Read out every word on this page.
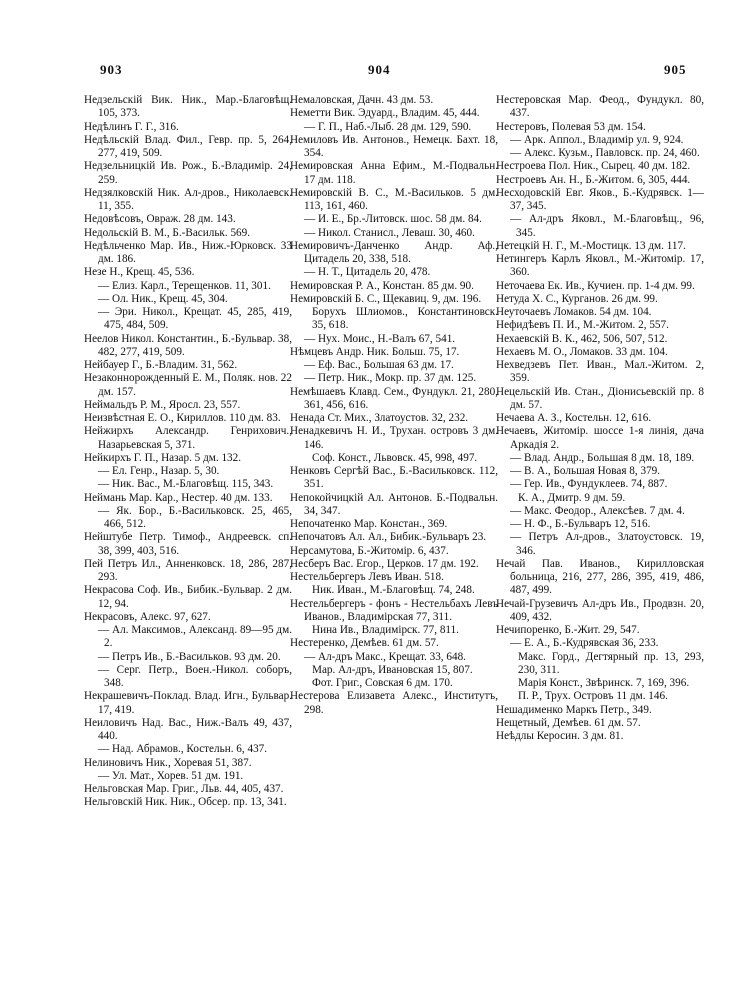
903	904	905

Недзельскій Вик. Ник., Мар.-Благовѣщ. 105, 373.

Недѣлинъ Г. Г., 316.

Недѣльскій Влад. Фил., Гевр. пр. 5, 264, 277, 419, 509.

Недзельницкій Ив. Рож., Б.-Владимір. 24, 259.

Недзялковскій Ник. Ал-дров., Николаевск. 11, 355.

Недовѣсовъ, Овраж. 28 дм. 143.

Недольскій В. М., Б.-Васильк. 569.

Недѣльченко Мар. Ив., Ниж.-Юрковск. 33 дм. 186.

Незе Н., Крещ. 45, 536.

— Елиз. Карл., Терещенков. 11, 301.

— Ол. Ник., Крещ. 45, 304.

— Эри. Никол., Крещат. 45, 285, 419, 475, 484, 509.

Неелов Никол. Константин., Б.-Бульвар. 38, 482, 277, 419, 509.

Нейбауер Г., Б.-Владим. 31, 562.

Незаконнорожденный Е. М., Поляк. нов. 22 дм. 157.

Неймальдъ Р. М., Яросл. 23, 557.

Неизвѣстная Е. О., Кириллов. 110 дм. 83.

Нейжирхъ Александр. Генрихович., Назарьевская 5, 371.

Нейкирхъ Г. П., Назар. 5 дм. 132.

— Ел. Генр., Назар. 5, 30.

— Ник. Вас., М.-Благовѣщ. 115, 343.

Неймань Мар. Кар., Нестер. 40 дм. 133.

— Як. Бор., Б.-Васильковск. 25, 465, 466, 512.

Нейштубе Петр. Тимоф., Андреевск. сп. 38, 399, 403, 516.

Пей Петръ Ил., Анненковск. 18, 286, 287, 293.

Некрасова Соф. Ив., Бибик.-Бульвар. 2 дм. 12, 94.

Некрасовъ, Алекс. 97, 627.

— Ал. Максимов., Александ. 89—95 дм. 2.

— Петръ Ив., Б.-Васильков. 93 дм. 20.

— Серг. Петр., Воен.-Никол. соборъ, 348.

Некрашевичъ-Поклад. Влад. Игн., Бульвар. 17, 419.

Неиловичъ Над. Вас., Ниж.-Валъ 49, 437, 440.

— Над. Абрамов., Костельн. 6, 437.

Нелиновичъ Ник., Хоревая 51, 387.

— Ул. Мат., Хорев. 51 дм. 191.

Нельговская Мар. Григ., Льв. 44, 405, 437.

Нельговскій Ник. Ник., Обсер. пр. 13, 341.

Немаловская, Дачн. 43 дм. 53.

Неметти Вик. Эдуард., Владим. 45, 444.

— Г. П., Наб.-Лыб. 28 дм. 129, 590.

Немиловъ Ив. Антонов., Немецк. Бахт. 18, 354.

Немировская Анна Ефим., М.-Подвальн. 17 дм. 118.

Немировскій В. С., М.-Васильков. 5 дм. 113, 161, 460.

— И. Е., Бр.-Литовск. шос. 58 дм. 84.

— Никол. Станисл., Леваш. 30, 460.

Немировичъ-Данченко Андр. Аф., Цитадель 20, 338, 518.

— Н. Т., Цитадель 20, 478.

Немировская Р. А., Констан. 85 дм. 90.

Немировскій Б. С., Щекавиц. 9, дм. 196.

Борухъ Шлиомов., Константиновск. 35, 618.

— Нух. Моис., Н.-Валъ 67, 541.

Нѣмцевъ Андр. Ник. Больш. 75, 17.

— Еф. Вас., Большая 63 дм. 17.

— Петр. Ник., Мокр. пр. 37 дм. 125.

Немѣшаевъ Клавд. Сем., Фундукл. 21, 280, 361, 456, 616.

Ненада Ст. Мих., Златоустов. 32, 232.

Ненадкевичъ Н. И., Трухан. островъ 3 дм. 146.

Соф. Конст., Львовск. 45, 998, 497.

Ненковъ Сергѣй Вас., Б.-Васильковск. 112, 351.

Непокойчицкій Ал. Антонов. Б.-Подвальн. 34, 347.

Непочатенко Мар. Констан., 369.

Непочатовъ Ал. Ал., Бибик.-Бульваръ 23.

Нерсамутова, Б.-Житомір. 6, 437.

Несберъ Вас. Егор., Церков. 17 дм. 192.

Нестельбергеръ Левъ Иван. 518.

Ник. Иван., М.-Благовѣщ. 74, 248.

Нестельбергеръ - фонъ - Нестельбахъ Левъ Иванов., Владимірская 77, 311.

Нина Ив., Владимірск. 77, 811.

Нестеренко, Демѣев. 61 дм. 57.

— Ал-дръ Макс., Крещат. 33, 648.

Мар. Ал-дръ, Ивановская 15, 807.

Фот. Григ., Совская 6 дм. 170.

Нестерова Елизавета Алекс., Институтъ, 298.

Нестеровская Мар. Феод., Фундукл. 80, 437.

Нестеровъ, Полевая 53 дм. 154.

— Арк. Аппол., Владимір ул. 9, 924.

— Алекс. Кузьм., Павловск. пр. 24, 460.

Нестроева Пол. Ник., Сырец. 40 дм. 182.

Нестроевъ Ан. Н., Б.-Житом. 6, 305, 444.

Несходовскій Евг. Яков., Б.-Кудрявск. 1—37, 345.

— Ал-дръ Яковл., М.-Благовѣщ., 96, 345.

Нетецкій Н. Г., М.-Мостицк. 13 дм. 117.

Нетингеръ Карлъ Яковл., М.-Житомір. 17, 360.

Неточаева Ек. Ив., Кучиен. пр. 1-4 дм. 99.

Нетуда Х. С., Курганов. 26 дм. 99.

Неуточаевъ Ломаков. 54 дм. 104.

Нефидѣевъ П. И., М.-Житом. 2, 557.

Нехаевскій В. К., 462, 506, 507, 512.

Нехаевъ М. О., Ломаков. 33 дм. 104.

Нехведзевъ Пет. Иван., Мал.-Житом. 2, 359.

Нецельскій Ив. Стан., Діонисьевскій пр. 8 дм. 57.

Нечаева А. З., Костельн. 12, 616.

Нечаевъ, Житомір. шоссе 1-я линія, дача Аркадія 2.

— Влад. Андр., Большая 8 дм. 18, 189.

— В. А., Большая Новая 8, 379.

— Гер. Ив., Фундуклеев. 74, 887.

К. А., Дмитр. 9 дм. 59.

— Макс. Феодор., Алексѣев. 7 дм. 4.

— Н. Ф., Б.-Бульваръ 12, 516.

— Петръ Ал-дров., Златоустовск. 19, 346.

Нечай Пав. Иванов., Кирилловская больница, 216, 277, 286, 395, 419, 486, 487, 499.

Нечай-Грузевичъ Ал-дръ Ив., Продвзн. 20, 409, 432.

Нечипоренко, Б.-Жит. 29, 547.

— Е. А., Б.-Кудрявская 36, 233.

Макс. Горд., Дегтярный пр. 13, 293, 230, 311.

Марія Конст., Звѣринск. 7, 169, 396.

П. Р., Трух. Островъ 11 дм. 146.

Нешадименко Маркъ Петр., 349.

Нещетный, Демѣев. 61 дм. 57.

Неѣдлы Керосин. 3 дм. 81.
